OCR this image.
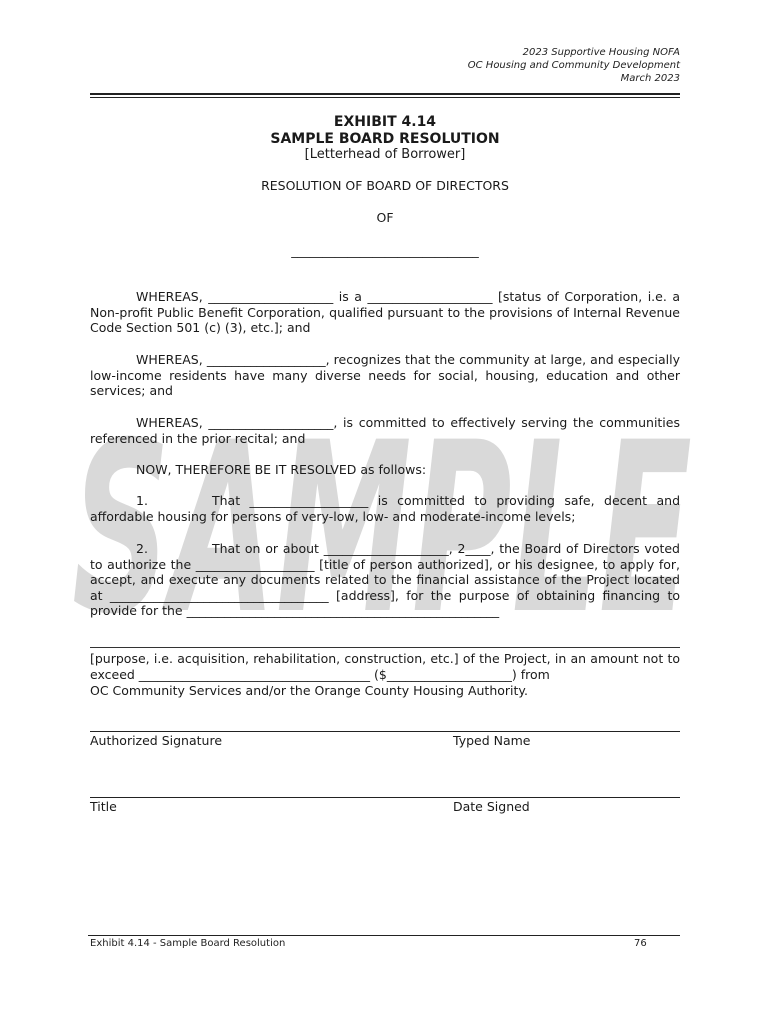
SAMPLE
2023 Supportive Housing NOFA
OC Housing and Community Development
March 2023
EXHIBIT 4.14
SAMPLE BOARD RESOLUTION
[Letterhead of Borrower]
RESOLUTION OF BOARD OF DIRECTORS
OF
______________________________
WHEREAS, ____________________ is a ____________________ [status of Corporation, i.e. a Non-profit Public Benefit Corporation, qualified pursuant to the provisions of Internal Revenue Code Section 501 (c) (3), etc.]; and
WHEREAS, ___________________, recognizes that the community at large, and especially low-income residents have many diverse needs for social, housing, education and other services; and
WHEREAS, ____________________, is committed to effectively serving the communities referenced in the prior recital; and
NOW, THEREFORE BE IT RESOLVED as follows:
1.	That ___________________ is committed to providing safe, decent and affordable housing for persons of very-low, low- and moderate-income levels;
2.	That on or about ____________________, 2____, the Board of Directors voted to authorize the ___________________ [title of person authorized], or his designee, to apply for, accept, and execute any documents related to the financial assistance of the Project located at ___________________________________ [address], for the purpose of obtaining financing to provide for the __________________________________________________
[purpose, i.e. acquisition, rehabilitation, construction, etc.] of the Project, in an amount not to exceed _____________________________________ ($____________________) from
OC Community Services and/or the Orange County Housing Authority.
Authorized Signature	Typed Name
Title	Date Signed
Exhibit 4.14 - Sample Board Resolution	76
